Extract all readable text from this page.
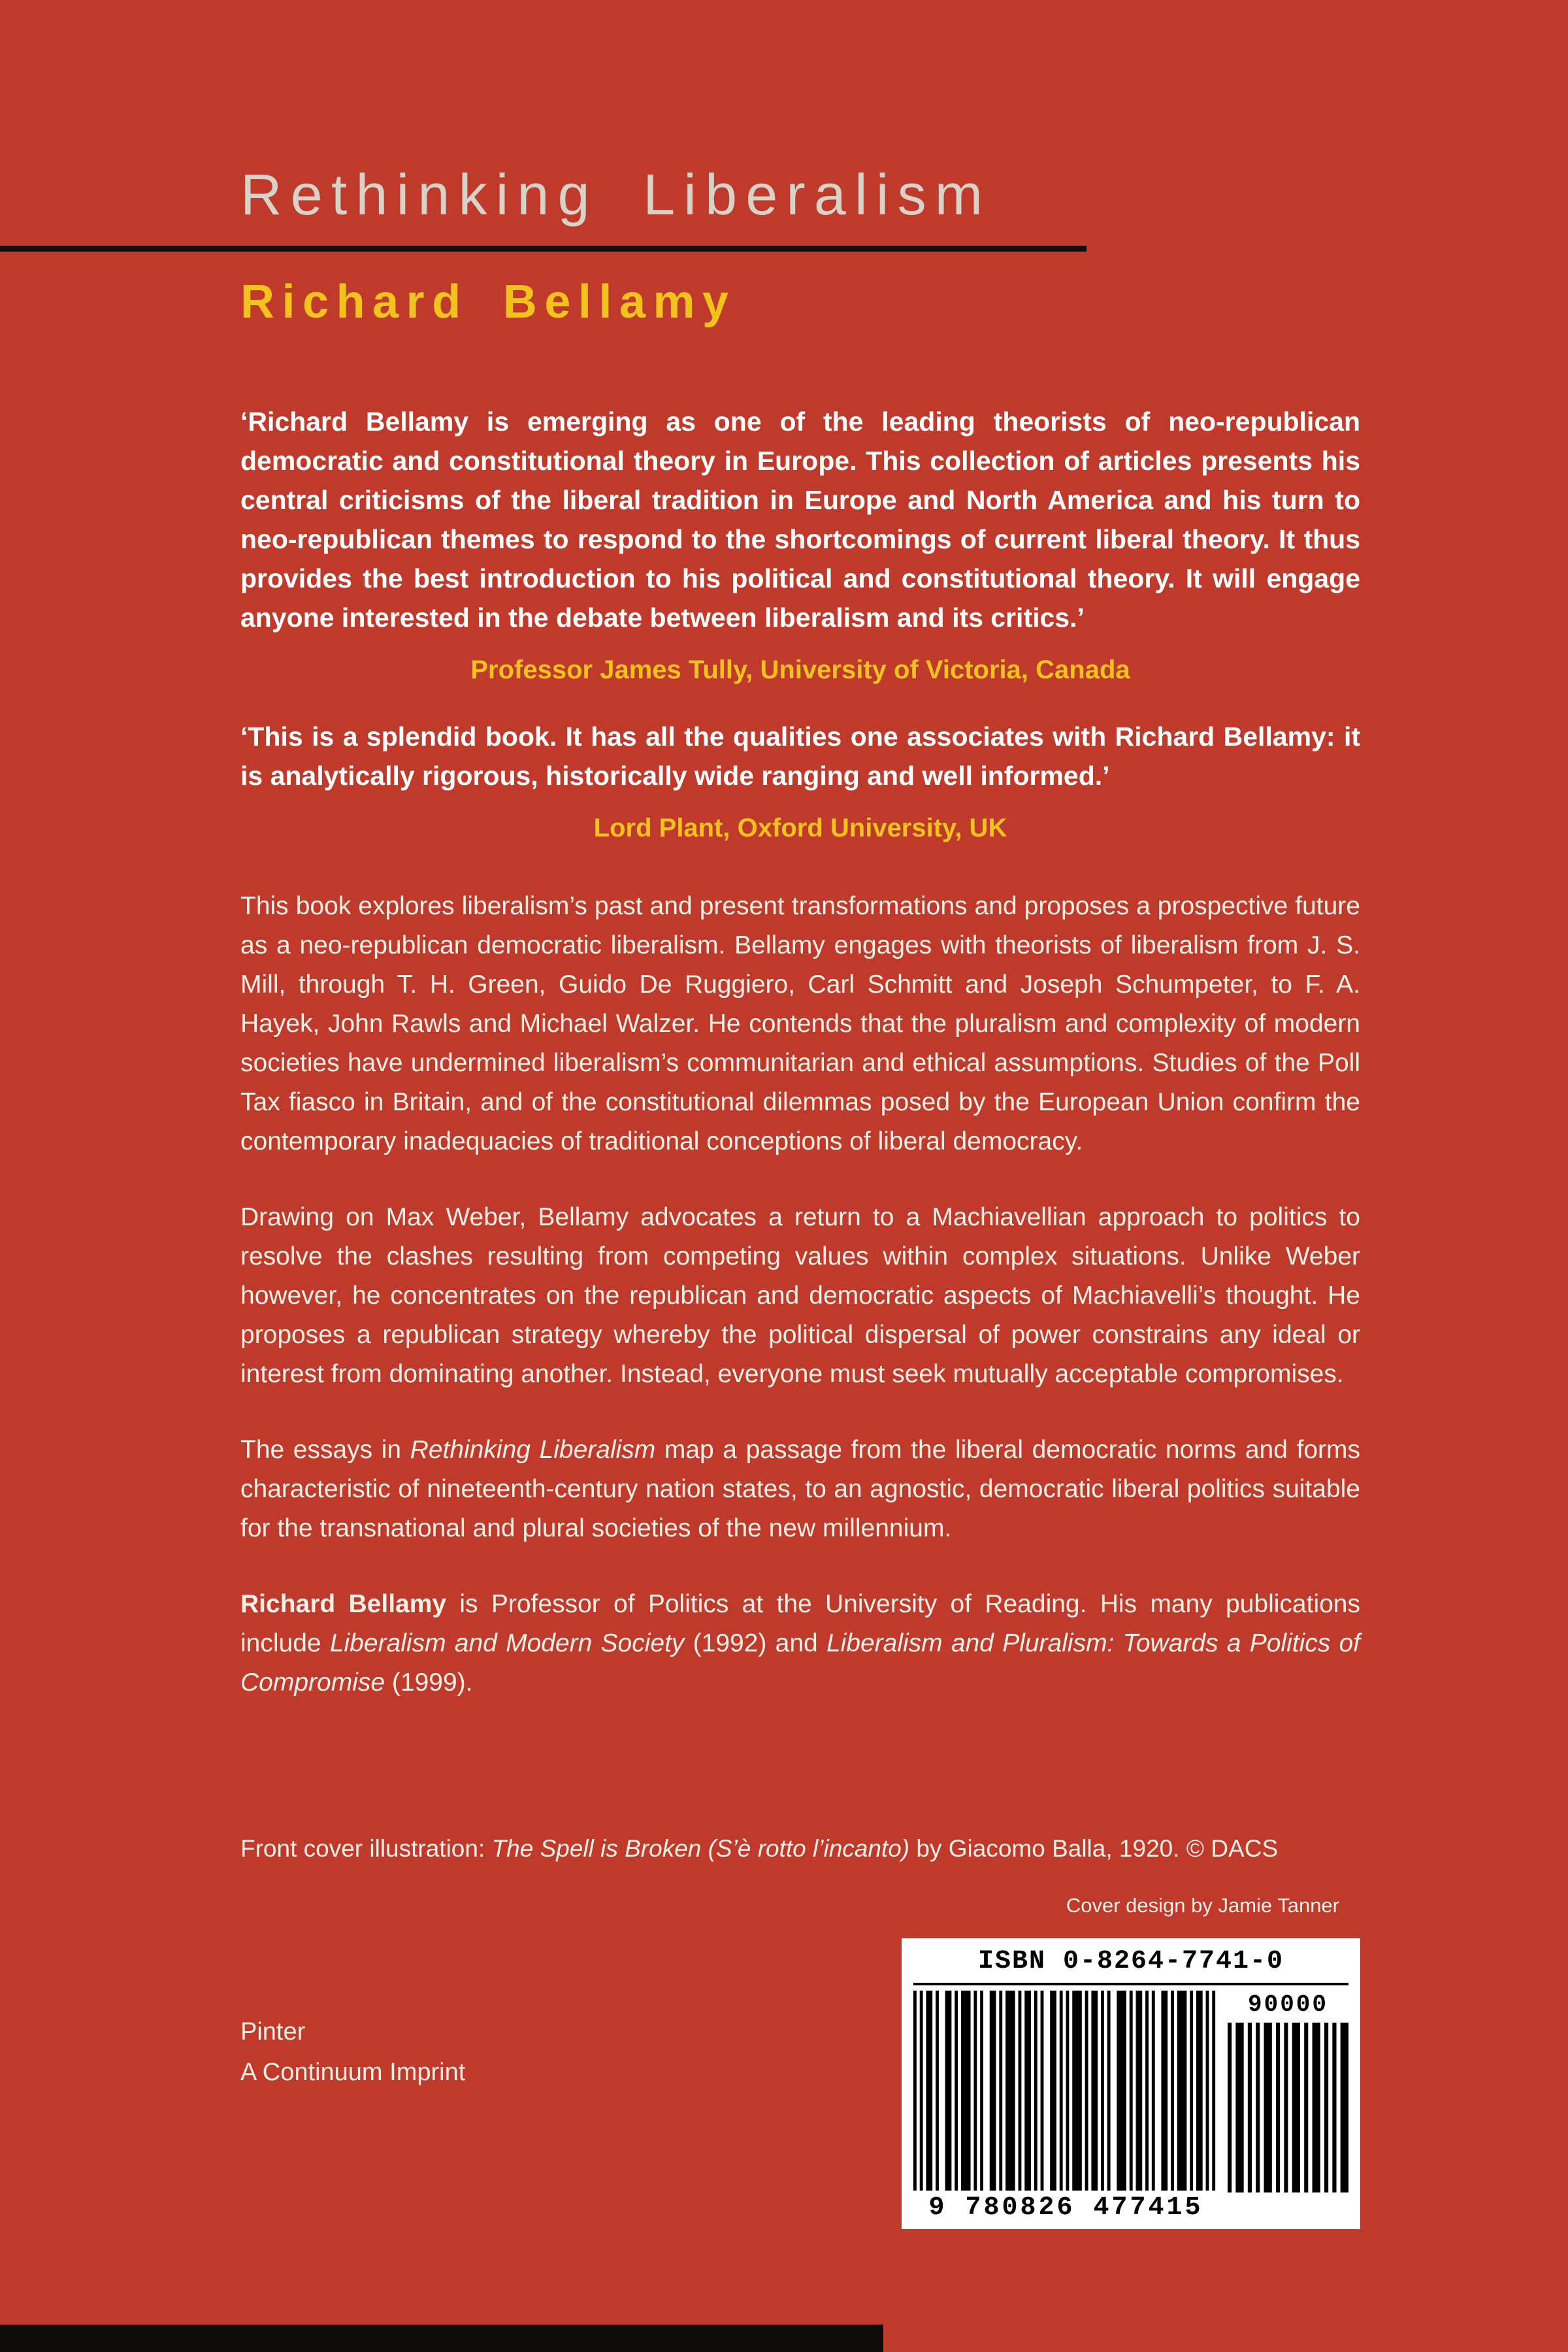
Rethinking Liberalism
Richard Bellamy

‘Richard Bellamy is emerging as one of the leading theorists of neo-republican democratic and constitutional theory in Europe. This collection of articles presents his central criticisms of the liberal tradition in Europe and North America and his turn to neo-republican themes to respond to the shortcomings of current liberal theory. It thus provides the best introduction to his political and constitutional theory. It will engage anyone interested in the debate between liberalism and its critics.’

Professor James Tully, University of Victoria, Canada

‘This is a splendid book. It has all the qualities one associates with Richard Bellamy: it is analytically rigorous, historically wide ranging and well informed.’

Lord Plant, Oxford University, UK

This book explores liberalism’s past and present transformations and proposes a prospective future as a neo-republican democratic liberalism. Bellamy engages with theorists of liberalism from J. S. Mill, through T. H. Green, Guido De Ruggiero, Carl Schmitt and Joseph Schumpeter, to F. A. Hayek, John Rawls and Michael Walzer. He contends that the pluralism and complexity of modern societies have undermined liberalism’s communitarian and ethical assumptions. Studies of the Poll Tax fiasco in Britain, and of the constitutional dilemmas posed by the European Union confirm the contemporary inadequacies of traditional conceptions of liberal democracy.

Drawing on Max Weber, Bellamy advocates a return to a Machiavellian approach to politics to resolve the clashes resulting from competing values within complex situations. Unlike Weber however, he concentrates on the republican and democratic aspects of Machiavelli’s thought. He proposes a republican strategy whereby the political dispersal of power constrains any ideal or interest from dominating another. Instead, everyone must seek mutually acceptable compromises.

The essays in Rethinking Liberalism map a passage from the liberal democratic norms and forms characteristic of nineteenth-century nation states, to an agnostic, democratic liberal politics suitable for the transnational and plural societies of the new millennium.

Richard Bellamy is Professor of Politics at the University of Reading. His many publications include Liberalism and Modern Society (1992) and Liberalism and Pluralism: Towards a Politics of Compromise (1999).

Front cover illustration: The Spell is Broken (S’è rotto l’incanto) by Giacomo Balla, 1920. © DACS

Cover design by Jamie Tanner

ISBN 0-8264-7741-0
9 780826 477415
90000

Pinter

A Continuum Imprint
